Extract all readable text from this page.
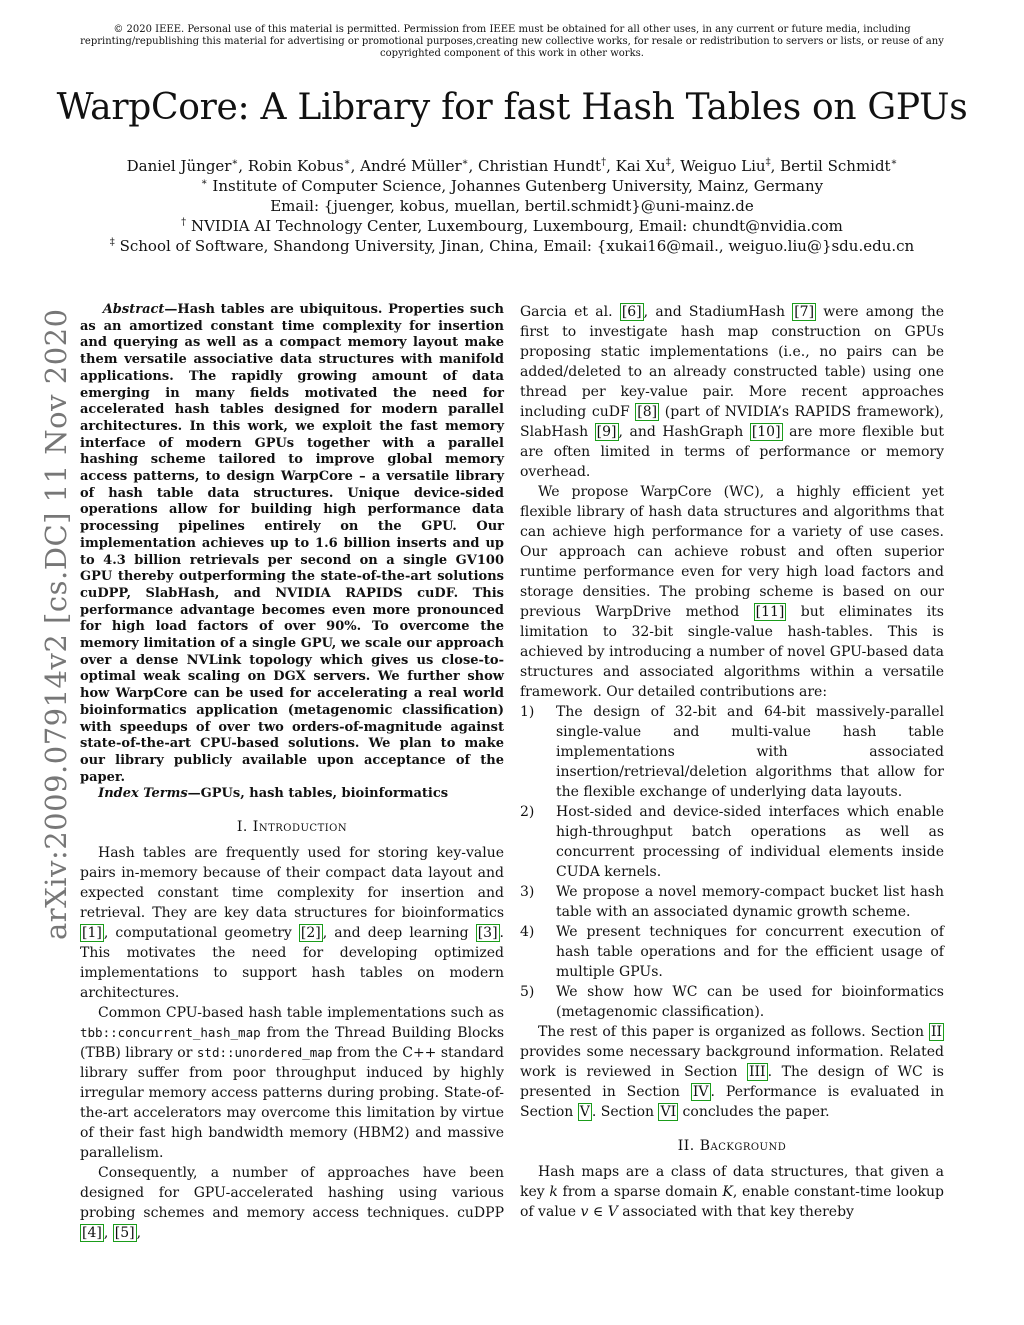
© 2020 IEEE. Personal use of this material is permitted. Permission from IEEE must be obtained for all other uses, in any current or future media, including reprinting/republishing this material for advertising or promotional purposes,creating new collective works, for resale or redistribution to servers or lists, or reuse of any copyrighted component of this work in other works.
WarpCore: A Library for fast Hash Tables on GPUs
Daniel Jünger∗, Robin Kobus∗, André Müller∗, Christian Hundt†, Kai Xu‡, Weiguo Liu‡, Bertil Schmidt∗
∗ Institute of Computer Science, Johannes Gutenberg University, Mainz, Germany
Email: {juenger, kobus, muellan, bertil.schmidt}@uni-mainz.de
† NVIDIA AI Technology Center, Luxembourg, Luxembourg, Email: chundt@nvidia.com
‡ School of Software, Shandong University, Jinan, China, Email: {xukai16@mail., weiguo.liu@}sdu.edu.cn
arXiv:2009.07914v2 [cs.DC] 11 Nov 2020	Abstract—Hash tables are ubiquitous. Properties such as an amortized constant time complexity for insertion and querying as well as a compact memory layout make them versatile associative data structures with manifold applications. The rapidly growing amount of data emerging in many fields motivated the need for accelerated hash tables designed for modern parallel architectures. In this work, we exploit the fast memory interface of modern GPUs together with a parallel hashing scheme tailored to improve global memory access patterns, to design WarpCore – a versatile library of hash table data structures. Unique device-sided operations allow for building high performance data processing pipelines entirely on the GPU. Our implementation achieves up to 1.6 billion inserts and up to 4.3 billion retrievals per second on a single GV100 GPU thereby outperforming the state-of-the-art solutions cuDPP, SlabHash, and NVIDIA RAPIDS cuDF. This performance advantage becomes even more pronounced for high load factors of over 90%. To overcome the memory limitation of a single GPU, we scale our approach over a dense NVLink topology which gives us close-to-optimal weak scaling on DGX servers. We further show how WarpCore can be used for accelerating a real world bioinformatics application (metagenomic classification) with speedups of over two orders-of-magnitude against state-of-the-art CPU-based solutions. We plan to make our library publicly available upon acceptance of the paper.

Index Terms—GPUs, hash tables, bioinformatics

I. Introduction

Hash tables are frequently used for storing key-value pairs in-memory because of their compact data layout and expected constant time complexity for insertion and retrieval. They are key data structures for bioinformatics [1] , computational geometry [2] , and deep learning [3] . This motivates the need for developing optimized implementations to support hash tables on modern architectures.

Common CPU-based hash table implementations such as tbb::concurrent_hash_map from the Thread Building Blocks (TBB) library or std::unordered_map from the C++ standard library suffer from poor throughput induced by highly irregular memory access patterns during probing. State-of-the-art accelerators may overcome this limitation by virtue of their fast high bandwidth memory (HBM2) and massive parallelism.

Consequently, a number of approaches have been designed for GPU-accelerated hashing using various probing schemes and memory access techniques. cuDPP [4] , [5] ,

Garcia et al. [6] , and StadiumHash [7] were among the first to investigate hash map construction on GPUs proposing static implementations (i.e., no pairs can be added/deleted to an already constructed table) using one thread per key-value pair. More recent approaches including cuDF [8] (part of NVIDIA’s RAPIDS framework), SlabHash [9] , and HashGraph [10] are more flexible but are often limited in terms of performance or memory overhead.

We propose WarpCore (WC), a highly efficient yet flexible library of hash data structures and algorithms that can achieve high performance for a variety of use cases. Our approach can achieve robust and often superior runtime performance even for very high load factors and storage densities. The probing scheme is based on our previous WarpDrive method [11] but eliminates its limitation to 32-bit single-value hash-tables. This is achieved by introducing a number of novel GPU-based data structures and associated algorithms within a versatile framework. Our detailed contributions are:

1) The design of 32-bit and 64-bit massively-parallel single-value and multi-value hash table implementations with associated insertion/retrieval/deletion algorithms that allow for the flexible exchange of underlying data layouts.
2) Host-sided and device-sided interfaces which enable high-throughput batch operations as well as concurrent processing of individual elements inside CUDA kernels.
3) We propose a novel memory-compact bucket list hash table with an associated dynamic growth scheme.
4) We present techniques for concurrent execution of hash table operations and for the efficient usage of multiple GPUs.
5) We show how WC can be used for bioinformatics (metagenomic classification).

The rest of this paper is organized as follows. Section II provides some necessary background information. Related work is reviewed in Section III . The design of WC is presented in Section IV . Performance is evaluated in Section V . Section VI concludes the paper.

II. Background

Hash maps are a class of data structures, that given a key k from a sparse domain K, enable constant-time lookup of value v ∈ V associated with that key thereby
